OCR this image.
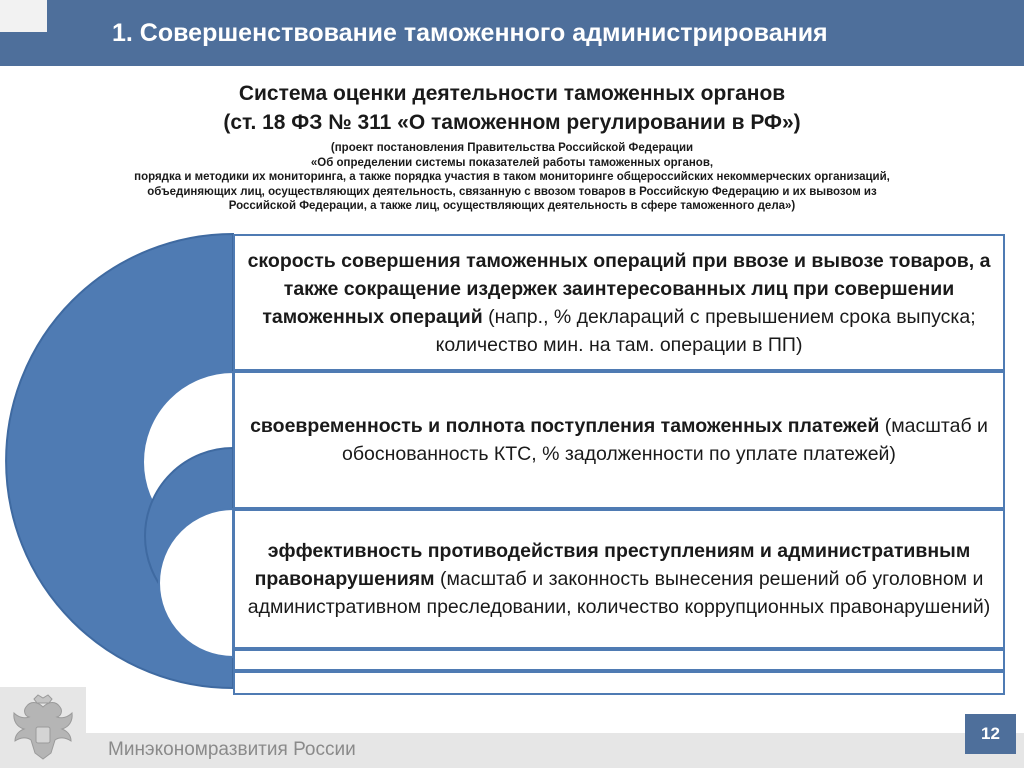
1. Совершенствование таможенного администрирования
Система оценки деятельности таможенных органов
(ст. 18 ФЗ № 311 «О таможенном регулировании в РФ»)
(проект постановления Правительства Российской Федерации
«Об определении системы показателей работы таможенных органов,
порядка и методики их мониторинга, а также порядка участия в таком мониторинге общероссийских некоммерческих организаций,
объединяющих лиц, осуществляющих деятельность, связанную с ввозом товаров в Российскую Федерацию и их вывозом из
Российской Федерации, а также лиц, осуществляющих деятельность в сфере таможенного дела»)
скорость совершения таможенных операций при ввозе и вывозе товаров, а также сокращение издержек заинтересованных лиц при совершении таможенных операций (напр., % деклараций с превышением срока выпуска; количество мин. на там. операции в ПП)
своевременность и полнота поступления таможенных платежей (масштаб и обоснованность КТС, % задолженности по уплате платежей)
эффективность противодействия преступлениям и административным правонарушениям (масштаб и законность вынесения решений об уголовном и административном преследовании, количество коррупционных правонарушений)
Минэкономразвития России
12
